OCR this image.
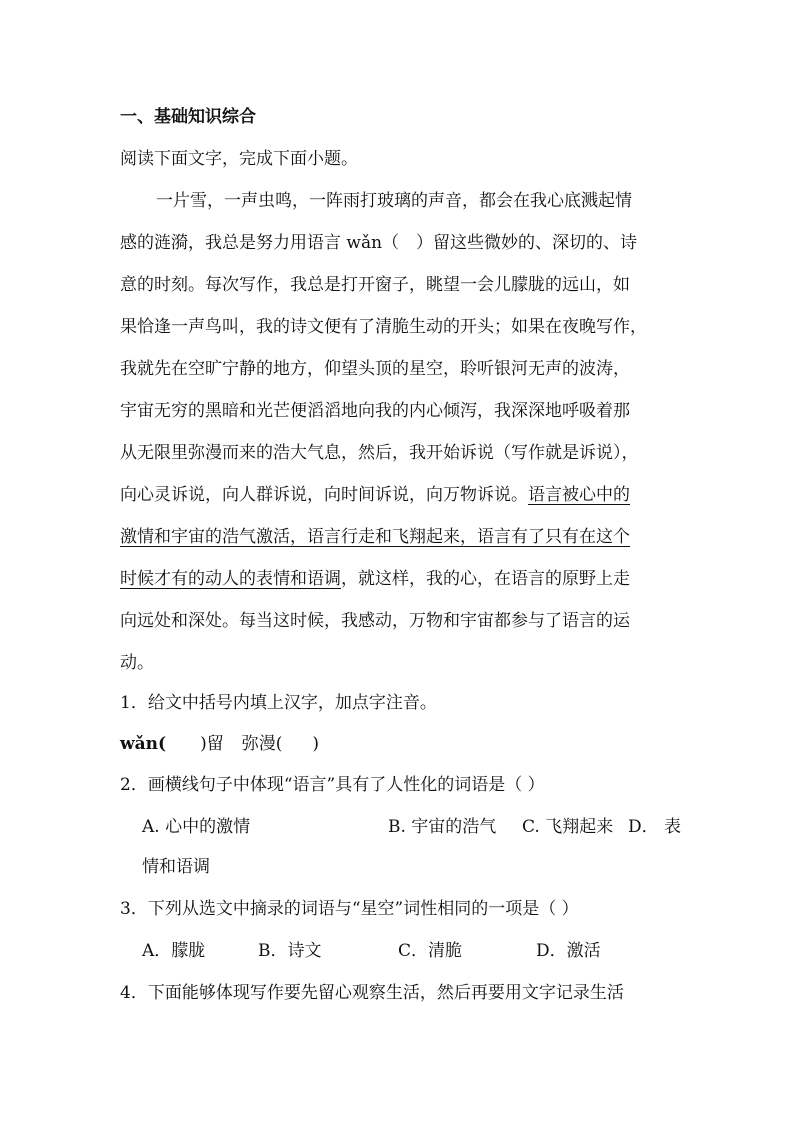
一、基础知识综合
阅读下面文字，完成下面小题。
一片雪，一声虫鸣，一阵雨打玻璃的声音，都会在我心底溅起情
感的涟漪，我总是努力用语言 wǎn（　）留这些微妙的、深切的、诗
意的时刻。每次写作，我总是打开窗子，眺望一会儿朦胧的远山，如
果恰逢一声鸟叫，我的诗文便有了清脆生动的开头；如果在夜晚写作，
我就先在空旷宁静的地方，仰望头顶的星空，聆听银河无声的波涛，
宇宙无穷的黑暗和光芒便滔滔地向我的内心倾泻，我深深地呼吸着那
从无限里弥漫而来的浩大气息，然后，我开始诉说（写作就是诉说），
向心灵诉说，向人群诉说，向时间诉说，向万物诉说。语言被心中的
激情和宇宙的浩气激活，语言行走和飞翔起来，语言有了只有在这个
时候才有的动人的表情和语调，就这样，我的心，在语言的原野上走
向远处和深处。每当这时候，我感动，万物和宇宙都参与了语言的运
动。
1．给文中括号内填上汉字，加点字注音。
wǎn( )留 弥漫( )
2．画横线句子中体现“语言”具有了人性化的词语是（ ）
A. 心中的激情	B. 宇宙的浩气 C. 飞翔起来 D． 表
情和语调
3．下列从选文中摘录的词语与“星空”词性相同的一项是（ ）
A．朦胧	B．诗文	C．清脆	D．激活
4．下面能够体现写作要先留心观察生活，然后再要用文字记录生活
